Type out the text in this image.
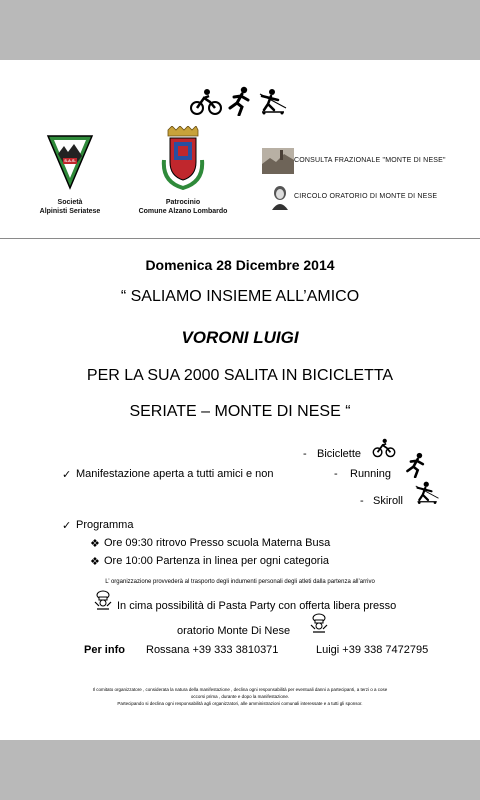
S.A.S.	CONSULTA FRAZIONALE "MONTE DI NESE"
CIRCOLO ORATORIO DI MONTE DI NESE
Società
Alpinisti Seriatese
Patrocinio
Comune Alzano Lombardo
Domenica 28 Dicembre 2014
“ SALIAMO INSIEME ALL’AMICO
VORONI LUIGI
PER LA SUA 2000 SALITA IN BICICLETTA
SERIATE – MONTE DI NESE “
- Biciclette
✓ Manifestazione aperta a tutti amici e non	- Running
- Skiroll
✓ Programma
❖ Ore 09:30 ritrovo Presso scuola Materna Busa
❖ Ore 10:00 Partenza in linea per ogni categoria
L’ organizzazione provvederà al trasporto degli indumenti personali degli atleti dalla partenza all’arrivo
In cima possibilità di Pasta Party con offerta libera presso
oratorio Monte Di Nese
Per info Rossana +39 333 3810371	Luigi +39 338 7472795
Il comitato organizzatore , considerata la natura della manifestazione , declina ogni responsabilità per eventuali danni a partecipanti, a terzi o a cose
occorsi prima , durante e dopo la manifestazione.
Partecipando si declina ogni responsabilità agli organizzatori, alle amministrazioni comunali interessate e a tutti gli sponsor.
